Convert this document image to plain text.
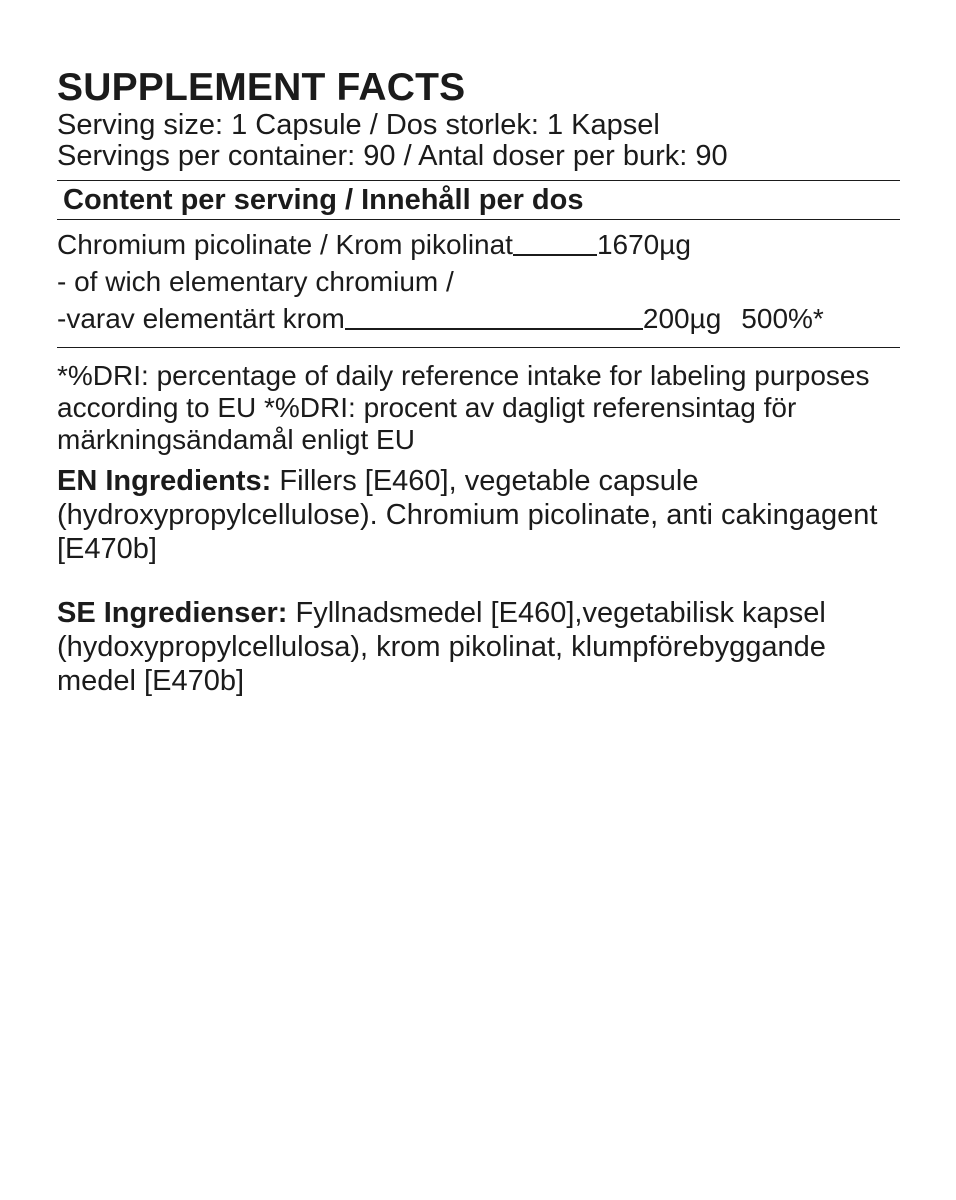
SUPPLEMENT FACTS

Serving size: 1 Capsule / Dos storlek: 1 Kapsel

Servings per container: 90 / Antal doser per burk: 90

Content per serving / Innehåll per dos
Chromium picolinate / Krom pikolinat	1670µg
- of wich elementary chromium /
-varav elementärt krom	200µg 500%*

*%DRI: percentage of daily reference intake for labeling purposes according to EU *%DRI: procent av dagligt referensintag för märkningsändamål enligt EU

EN Ingredients: Fillers [E460], vegetable capsule (hydroxypropylcellulose). Chromium picolinate, anti cakingagent [E470b]

SE Ingredienser: Fyllnadsmedel [E460],vegetabilisk kapsel (hydoxypropylcellulosa), krom pikolinat, klumpförebyggande medel [E470b]
